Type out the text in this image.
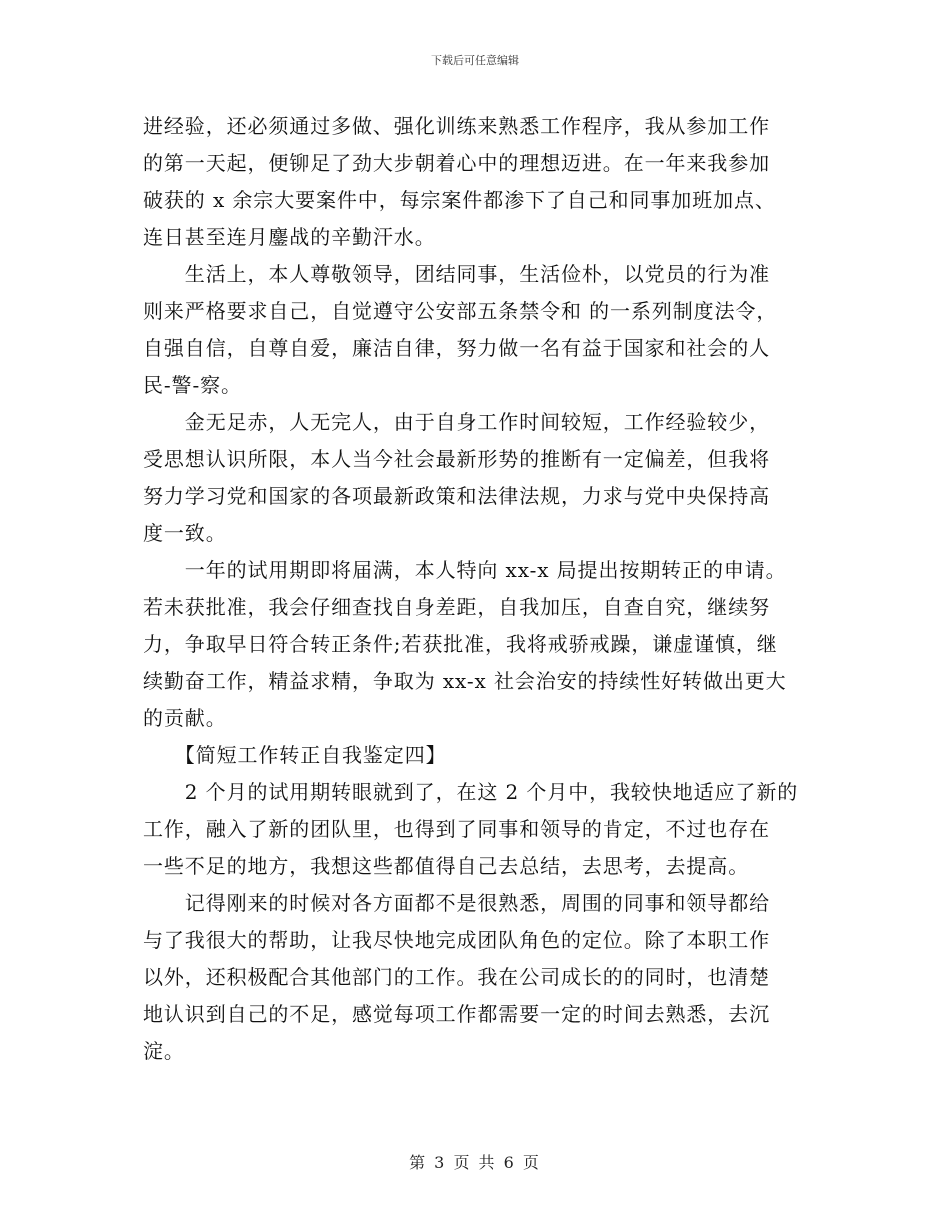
下载后可任意编辑
进经验，还必须通过多做、强化训练来熟悉工作程序，我从参加工作
的第一天起，便铆足了劲大步朝着心中的理想迈进。在一年来我参加
破获的 x 余宗大要案件中，每宗案件都渗下了自己和同事加班加点、
连日甚至连月鏖战的辛勤汗水。
　　生活上，本人尊敬领导，团结同事，生活俭朴，以党员的行为准
则来严格要求自己，自觉遵守公安部五条禁令和 的一系列制度法令，
自强自信，自尊自爱，廉洁自律，努力做一名有益于国家和社会的人
民-警-察。
　　金无足赤，人无完人，由于自身工作时间较短，工作经验较少，
受思想认识所限，本人当今社会最新形势的推断有一定偏差，但我将
努力学习党和国家的各项最新政策和法律法规，力求与党中央保持高
度一致。
　　一年的试用期即将届满，本人特向 xx-x 局提出按期转正的申请。
若未获批准，我会仔细查找自身差距，自我加压，自查自究，继续努
力，争取早日符合转正条件;若获批准，我将戒骄戒躁，谦虚谨慎，继
续勤奋工作，精益求精，争取为 xx-x 社会治安的持续性好转做出更大
的贡献。
　　【简短工作转正自我鉴定四】
　　2 个月的试用期转眼就到了，在这 2 个月中，我较快地适应了新的
工作，融入了新的团队里，也得到了同事和领导的肯定，不过也存在
一些不足的地方，我想这些都值得自己去总结，去思考，去提高。
　　记得刚来的时候对各方面都不是很熟悉，周围的同事和领导都给
与了我很大的帮助，让我尽快地完成团队角色的定位。除了本职工作
以外，还积极配合其他部门的工作。我在公司成长的的同时，也清楚
地认识到自己的不足，感觉每项工作都需要一定的时间去熟悉，去沉
淀。
第 3 页 共 6 页
